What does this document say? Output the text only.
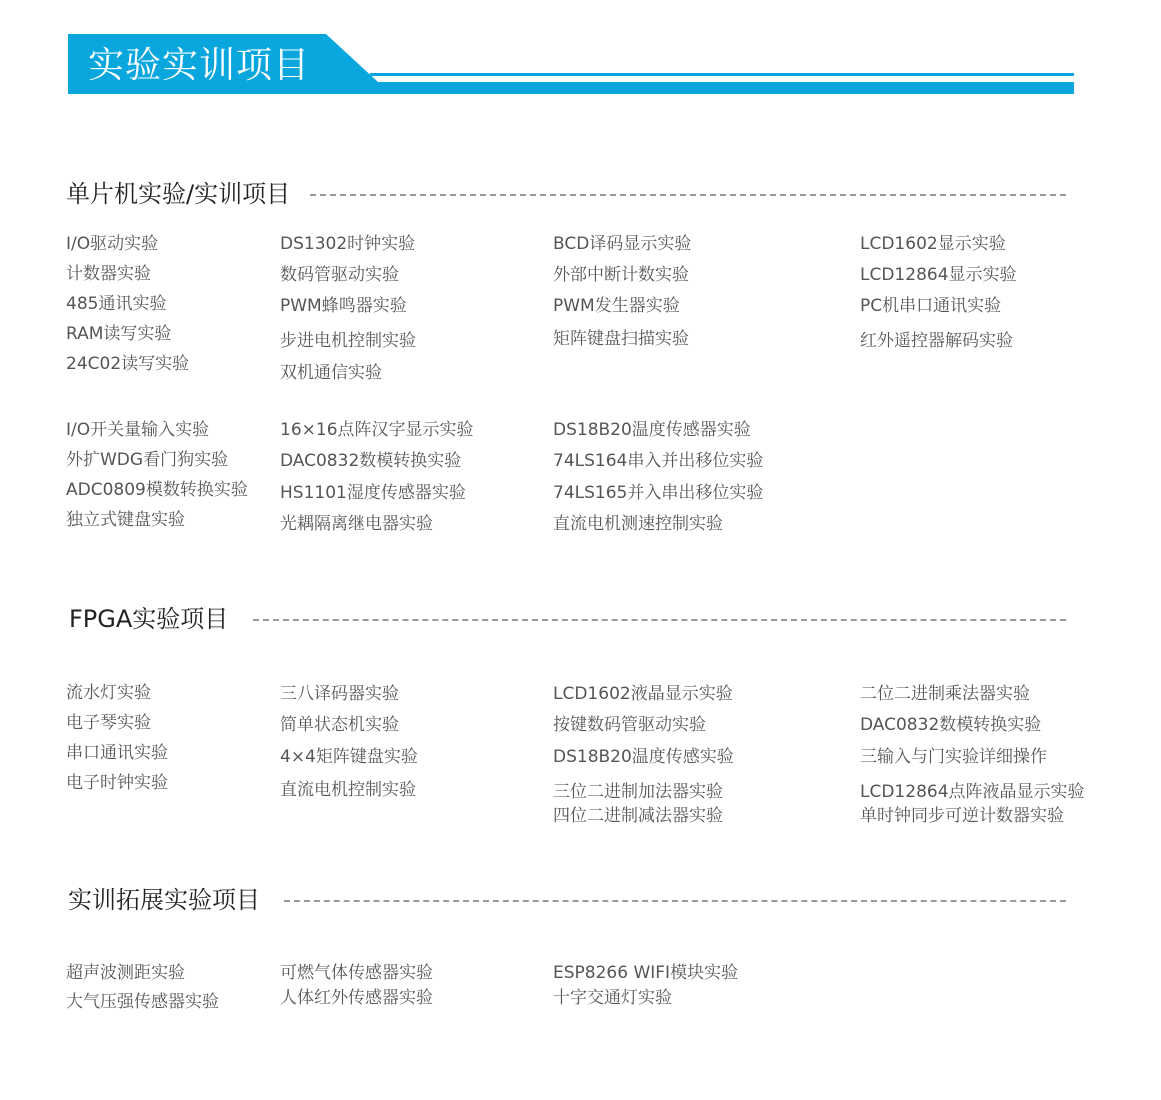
实验实训项目
单片机实验/实训项目
I/O驱动实验
计数器实验
485通讯实验
RAM读写实验
24C02读写实验
DS1302时钟实验
数码管驱动实验
PWM蜂鸣器实验
步进电机控制实验
双机通信实验
BCD译码显示实验
外部中断计数实验
PWM发生器实验
矩阵键盘扫描实验
LCD1602显示实验
LCD12864显示实验
PC机串口通讯实验
红外遥控器解码实验
I/O开关量输入实验
外扩WDG看门狗实验
ADC0809模数转换实验
独立式键盘实验
16×16点阵汉字显示实验
DAC0832数模转换实验
HS1101湿度传感器实验
光耦隔离继电器实验
DS18B20温度传感器实验
74LS164串入并出移位实验
74LS165并入串出移位实验
直流电机测速控制实验
FPGA实验项目
流水灯实验
电子琴实验
串口通讯实验
电子时钟实验
三八译码器实验
简单状态机实验
4×4矩阵键盘实验
直流电机控制实验
LCD1602液晶显示实验
按键数码管驱动实验
DS18B20温度传感实验
三位二进制加法器实验
四位二进制减法器实验
二位二进制乘法器实验
DAC0832数模转换实验
三输入与门实验详细操作
LCD12864点阵液晶显示实验
单时钟同步可逆计数器实验
实训拓展实验项目
超声波测距实验
大气压强传感器实验
可燃气体传感器实验
人体红外传感器实验
ESP8266 WIFI模块实验
十字交通灯实验
